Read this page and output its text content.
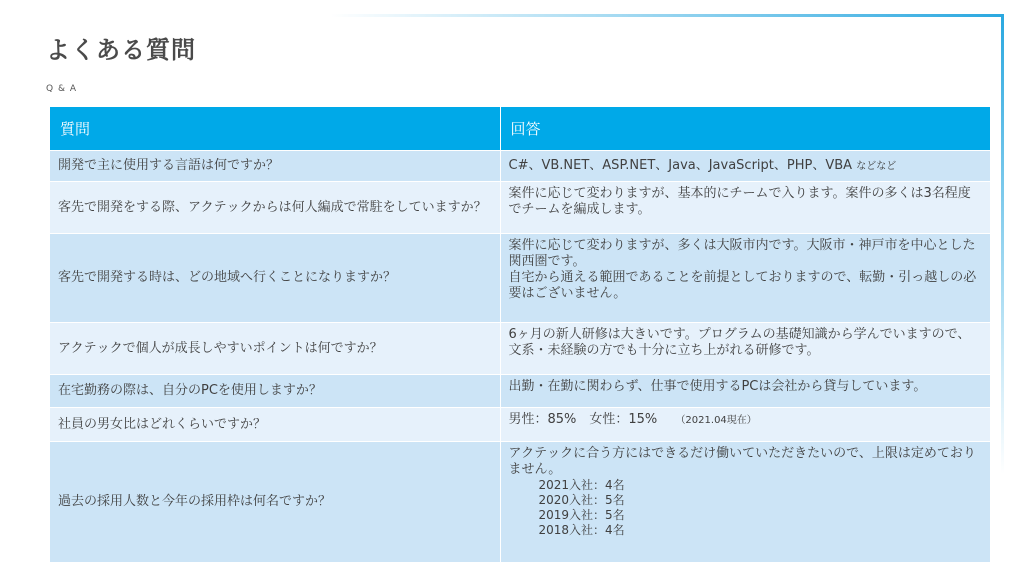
よくある質問
Q & A
質問	回答
開発で主に使用する言語は何ですか？	C#、VB.NET、ASP.NET、Java、JavaScript、PHP、VBA などなど
客先で開発をする際、アクテックからは何人編成で常駐をしていますか？	案件に応じて変わりますが、基本的にチームで入ります。案件の多くは3名程度でチームを編成します。
客先で開発する時は、どの地域へ行くことになりますか？	案件に応じて変わりますが、多くは大阪市内です。大阪市・神戸市を中心とした関西圏です。
自宅から通える範囲であることを前提としておりますので、転勤・引っ越しの必要はございません。

アクテックで個人が成長しやすいポイントは何ですか？	6ヶ月の新人研修は大きいです。プログラムの基礎知識から学んでいますので、文系・未経験の方でも十分に立ち上がれる研修です。
在宅勤務の際は、自分のPCを使用しますか？	出勤・在勤に関わらず、仕事で使用するPCは会社から貸与しています。
社員の男女比はどれくらいですか？	男性：85%　女性：15% （2021.04現在）
過去の採用人数と今年の採用枠は何名ですか？	アクテックに合う方にはできるだけ働いていただきたいので、上限は定めておりません。
2021入社：4名
2020入社：5名
2019入社：5名
2018入社：4名
